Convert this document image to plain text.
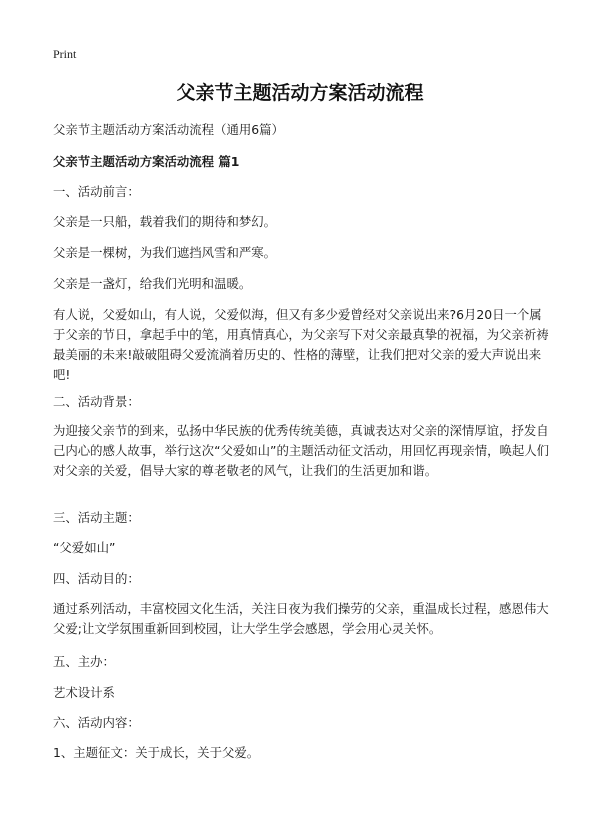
Print
父亲节主题活动方案活动流程
父亲节主题活动方案活动流程（通用6篇）
父亲节主题活动方案活动流程 篇1
一、活动前言：
父亲是一只船，载着我们的期待和梦幻。
父亲是一棵树，为我们遮挡风雪和严寒。
父亲是一盏灯，给我们光明和温暖。
有人说，父爱如山，有人说，父爱似海，但又有多少爱曾经对父亲说出来?6月20日一个属于父亲的节日，拿起手中的笔，用真情真心，为父亲写下对父亲最真挚的祝福，为父亲祈祷最美丽的未来!敲破阻碍父爱流淌着历史的、性格的薄壁，让我们把对父亲的爱大声说出来吧!
二、活动背景：
为迎接父亲节的到来，弘扬中华民族的优秀传统美德，真诚表达对父亲的深情厚谊，抒发自己内心的感人故事，举行这次“父爱如山”的主题活动征文活动，用回忆再现亲情，唤起人们对父亲的关爱，倡导大家的尊老敬老的风气，让我们的生活更加和谐。
三、活动主题：
“父爱如山”
四、活动目的：
通过系列活动，丰富校园文化生活，关注日夜为我们操劳的父亲，重温成长过程，感恩伟大父爱;让文学氛围重新回到校园，让大学生学会感恩，学会用心灵关怀。
五、主办：
艺术设计系
六、活动内容：
1、主题征文：关于成长，关于父爱。
